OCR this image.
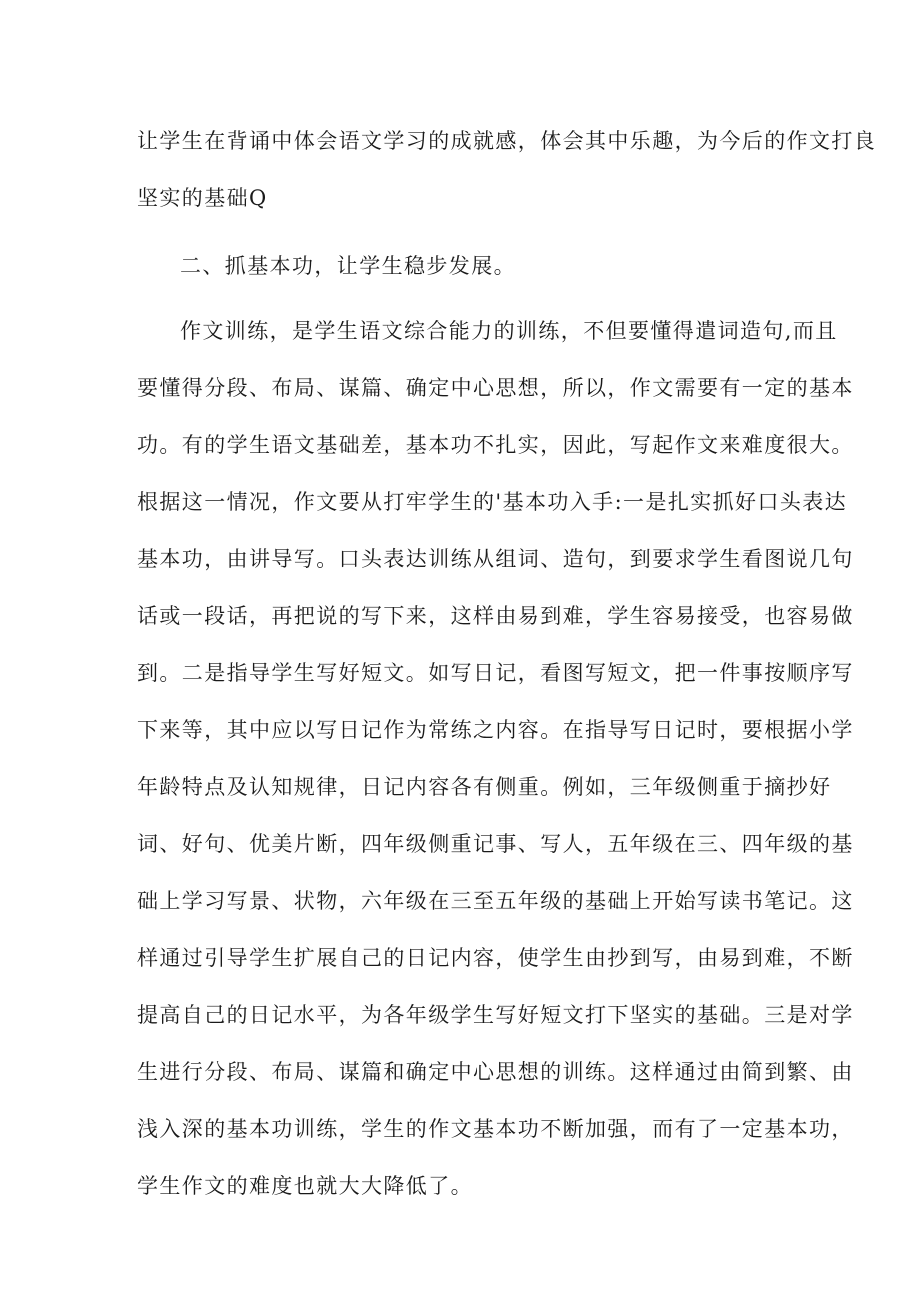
让学生在背诵中体会语文学习的成就感，体会其中乐趣，为今后的作文打良
坚实的基础Q
二、抓基本功，让学生稳步发展。
作文训练，是学生语文综合能力的训练，不但要懂得遣词造句,而且
要懂得分段、布局、谋篇、确定中心思想，所以，作文需要有一定的基本
功。有的学生语文基础差，基本功不扎实，因此，写起作文来难度很大。
根据这一情况，作文要从打牢学生的'基本功入手:一是扎实抓好口头表达
基本功，由讲导写。口头表达训练从组词、造句，到要求学生看图说几句
话或一段话，再把说的写下来，这样由易到难，学生容易接受，也容易做
到。二是指导学生写好短文。如写日记，看图写短文，把一件事按顺序写
下来等，其中应以写日记作为常练之内容。在指导写日记时，要根据小学
年龄特点及认知规律，日记内容各有侧重。例如，三年级侧重于摘抄好
词、好句、优美片断，四年级侧重记事、写人，五年级在三、四年级的基
础上学习写景、状物，六年级在三至五年级的基础上开始写读书笔记。这
样通过引导学生扩展自己的日记内容，使学生由抄到写，由易到难，不断
提高自己的日记水平，为各年级学生写好短文打下坚实的基础。三是对学
生进行分段、布局、谋篇和确定中心思想的训练。这样通过由简到繁、由
浅入深的基本功训练，学生的作文基本功不断加强，而有了一定基本功，
学生作文的难度也就大大降低了。
